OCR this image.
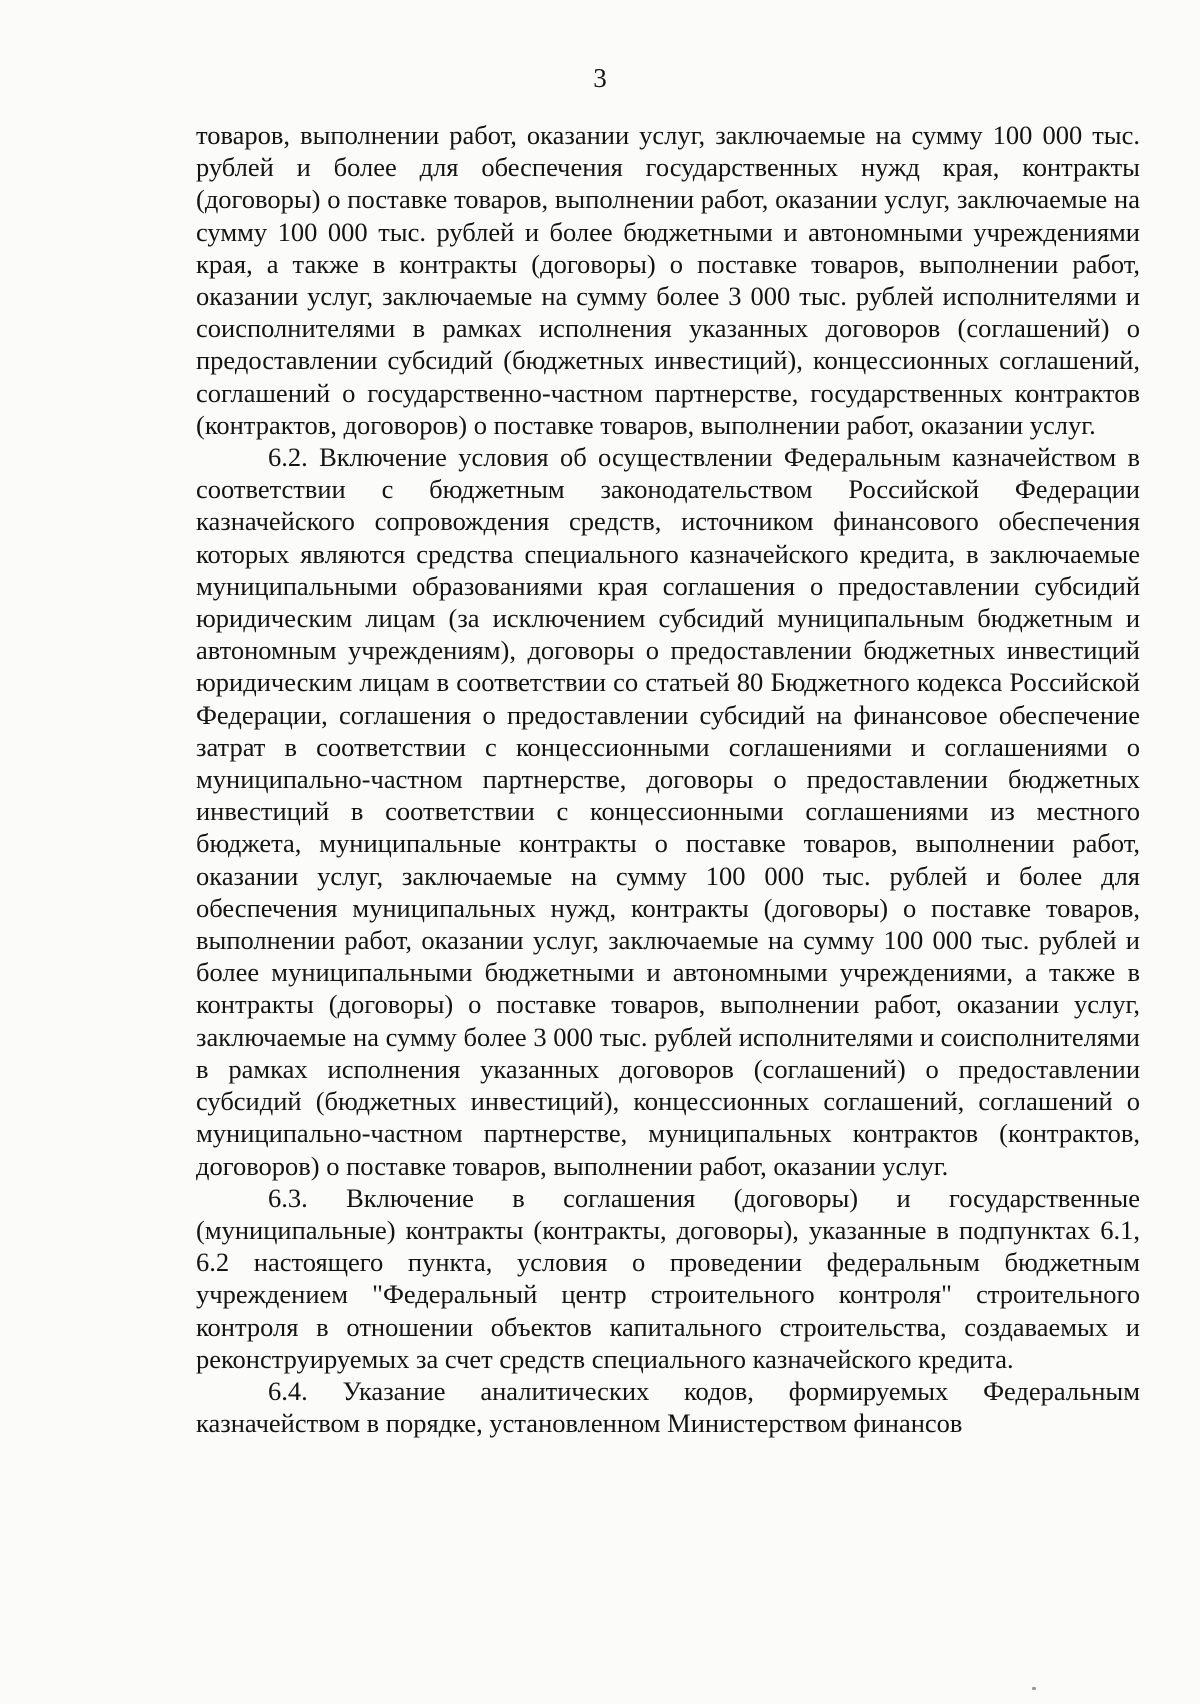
3

товаров, выполнении работ, оказании услуг, заключаемые на сумму 100 000 тыс. рублей и более для обеспечения государственных нужд края, контракты (договоры) о поставке товаров, выполнении работ, оказании услуг, заключаемые на сумму 100 000 тыс. рублей и более бюджетными и автономными учреждениями края, а также в контракты (договоры) о поставке товаров, выполнении работ, оказании услуг, заключаемые на сумму более 3 000 тыс. рублей исполнителями и соисполнителями в рамках исполнения указанных договоров (соглашений) о предоставлении субсидий (бюджетных инвестиций), концессионных соглашений, соглашений о государственно-частном партнерстве, государственных контрактов (контрактов, договоров) о поставке товаров, выполнении работ, оказании услуг.

6.2. Включение условия об осуществлении Федеральным казначейством в соответствии с бюджетным законодательством Российской Федерации казначейского сопровождения средств, источником финансового обеспечения которых являются средства специального казначейского кредита, в заключаемые муниципальными образованиями края соглашения о предоставлении субсидий юридическим лицам (за исключением субсидий муниципальным бюджетным и автономным учреждениям), договоры о предоставлении бюджетных инвестиций юридическим лицам в соответствии со статьей 80 Бюджетного кодекса Российской Федерации, соглашения о предоставлении субсидий на финансовое обеспечение затрат в соответствии с концессионными соглашениями и соглашениями о муниципально-частном партнерстве, договоры о предоставлении бюджетных инвестиций в соответствии с концессионными соглашениями из местного бюджета, муниципальные контракты о поставке товаров, выполнении работ, оказании услуг, заключаемые на сумму 100 000 тыс. рублей и более для обеспечения муниципальных нужд, контракты (договоры) о поставке товаров, выполнении работ, оказании услуг, заключаемые на сумму 100 000 тыс. рублей и более муниципальными бюджетными и автономными учреждениями, а также в контракты (договоры) о поставке товаров, выполнении работ, оказании услуг, заключаемые на сумму более 3 000 тыс. рублей исполнителями и соисполнителями в рамках исполнения указанных договоров (соглашений) о предоставлении субсидий (бюджетных инвестиций), концессионных соглашений, соглашений о муниципально-частном партнерстве, муниципальных контрактов (контрактов, договоров) о поставке товаров, выполнении работ, оказании услуг.

6.3. Включение в соглашения (договоры) и государственные (муниципальные) контракты (контракты, договоры), указанные в подпунктах 6.1, 6.2 настоящего пункта, условия о проведении федеральным бюджетным учреждением "Федеральный центр строительного контроля" строительного контроля в отношении объектов капитального строительства, создаваемых и реконструируемых за счет средств специального казначейского кредита.

6.4. Указание аналитических кодов, формируемых Федеральным казначейством в порядке, установленном Министерством финансов
